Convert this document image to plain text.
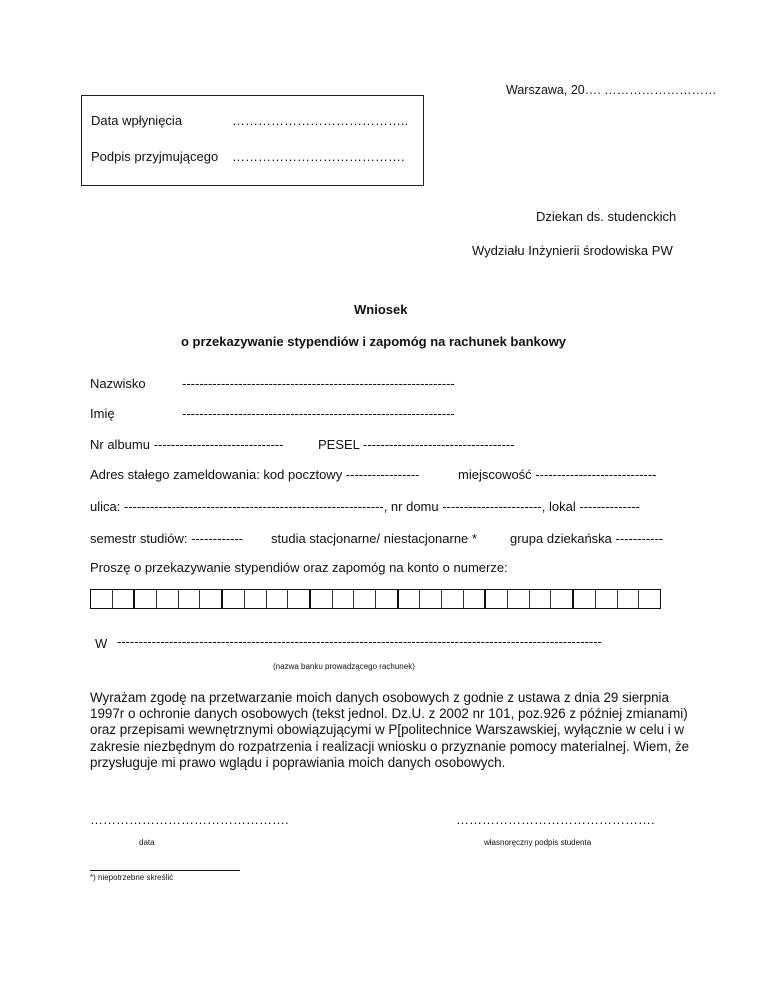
Warszawa, 20…. ………………………
Data wpłynięcia	…………………………………..
Podpis przyjmującego ………………………………….
Dziekan ds. studenckich
Wydziału Inżynierii środowiska PW
Wniosek
o przekazywanie stypendiów i zapomóg na rachunek bankowy
Nazwisko	---------------------------------------------------------------
Imię	---------------------------------------------------------------
Nr albumu ------------------------------	PESEL -----------------------------------
Adres stałego zameldowania: kod pocztowy -----------------	miejscowość ----------------------------
ulica: ------------------------------------------------------------, nr domu -----------------------, lokal --------------
semestr studiów: ------------ studia stacjonarne/ niestacjonarne *	grupa dziekańska -----------
Proszę o przekazywanie stypendiów oraz zapomóg na konto o numerze:
W ----------------------------------------------------------------------------------------------------------------
(nazwa banku prowadzącego rachunek)
Wyrażam zgodę na przetwarzanie moich danych osobowych z godnie z ustawa z dnia 29 sierpnia
1997r o ochronie danych osobowych (tekst jednol. Dz.U. z 2002 nr 101, poz.926 z później zmianami)
oraz przepisami wewnętrznymi obowiązującymi w P[politechnice Warszawskiej, wyłącznie w celu i w
zakresie niezbędnym do rozpatrzenia i realizacji wniosku o przyznanie pomocy materialnej. Wiem, że
przysługuje mi prawo wglądu i poprawiania moich danych osobowych.
……………………………………….
data
……………………………………….
własnoręczny podpis studenta
*) niepotrzebne skreślić
